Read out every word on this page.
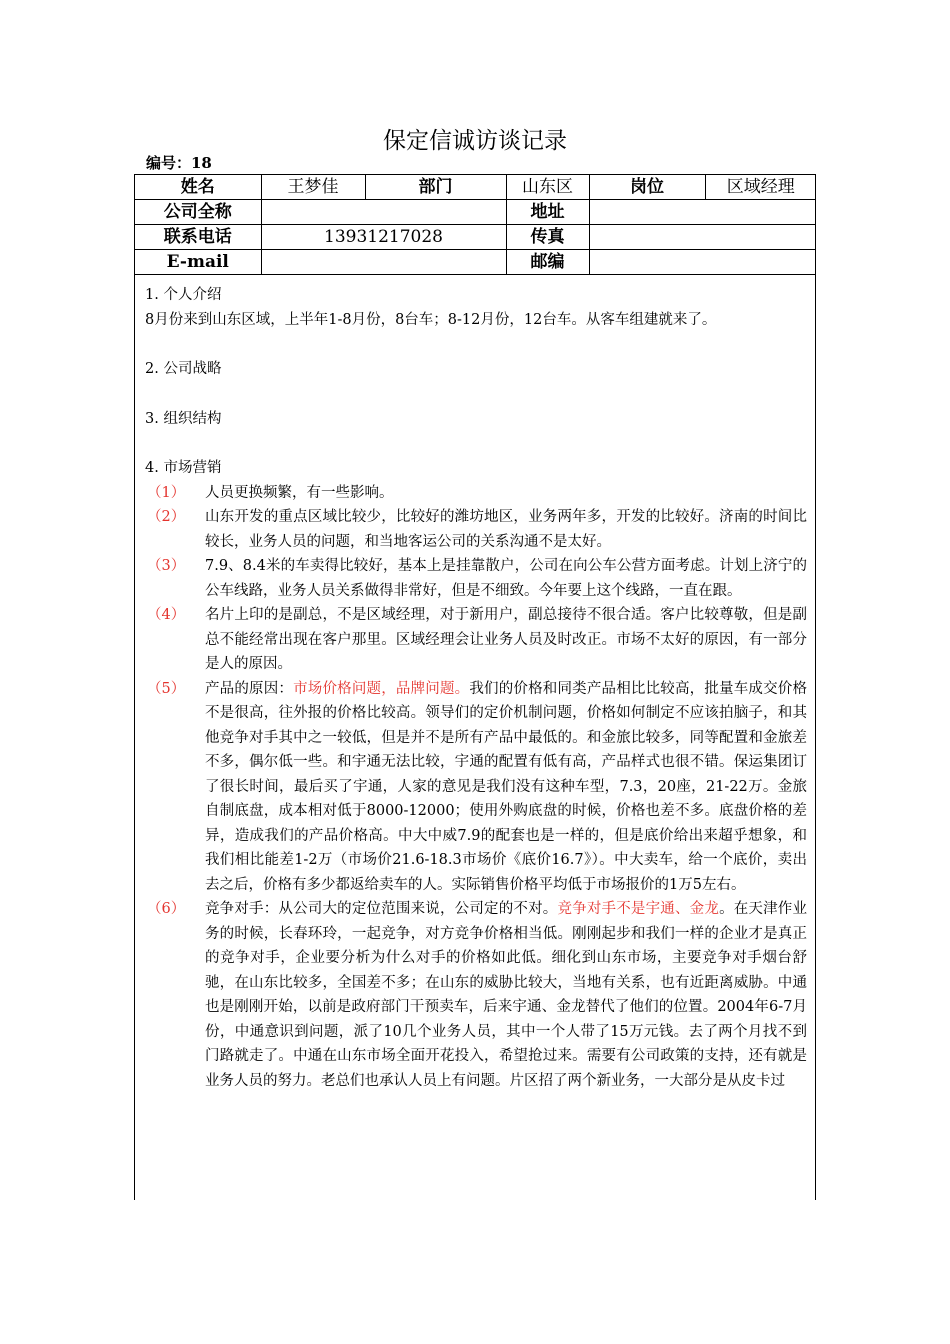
保定信诚访谈记录
编号：18
姓名	王梦佳	部门	山东区	岗位	区域经理
公司全称			地址		
联系电话	13931217028		传真		
E-mail			邮编		

1. 个人介绍

8月份来到山东区域，上半年1-8月份，8台车；8-12月份，12台车。从客车组建就来了。

2. 公司战略

3. 组织结构

4. 市场营销

（1）	人员更换频繁，有一些影响。
（2）	山东开发的重点区域比较少，比较好的潍坊地区，业务两年多，开发的比较好。济南的时间比较长，业务人员的问题，和当地客运公司的关系沟通不是太好。
（3）	7.9、8.4米的车卖得比较好，基本上是挂靠散户，公司在向公车公营方面考虑。计划上济宁的公车线路，业务人员关系做得非常好，但是不细致。今年要上这个线路，一直在跟。
（4）	名片上印的是副总，不是区域经理，对于新用户，副总接待不很合适。客户比较尊敬，但是副总不能经常出现在客户那里。区域经理会让业务人员及时改正。市场不太好的原因，有一部分是人的原因。
（5）	产品的原因：市场价格问题，品牌问题。我们的价格和同类产品相比比较高，批量车成交价格不是很高，往外报的价格比较高。领导们的定价机制问题，价格如何制定不应该拍脑子，和其他竞争对手其中之一较低，但是并不是所有产品中最低的。和金旅比较多，同等配置和金旅差不多，偶尔低一些。和宇通无法比较，宇通的配置有低有高，产品样式也很不错。保运集团订了很长时间，最后买了宇通，人家的意见是我们没有这种车型，7.3，20座，21-22万。金旅自制底盘，成本相对低于8000-12000；使用外购底盘的时候，价格也差不多。底盘价格的差异，造成我们的产品价格高。中大中威7.9的配套也是一样的，但是底价给出来超乎想象，和我们相比能差1-2万（市场价21.6-18.3市场价《底价16.7》）。中大卖车，给一个底价，卖出去之后，价格有多少都返给卖车的人。实际销售价格平均低于市场报价的1万5左右。
（6）	竞争对手：从公司大的定位范围来说，公司定的不对。竞争对手不是宇通、金龙。在天津作业务的时候，长春环玲，一起竞争，对方竞争价格相当低。刚刚起步和我们一样的企业才是真正的竞争对手，企业要分析为什么对手的价格如此低。细化到山东市场，主要竞争对手烟台舒驰，在山东比较多，全国差不多；在山东的威胁比较大，当地有关系，也有近距离威胁。中通也是刚刚开始，以前是政府部门干预卖车，后来宇通、金龙替代了他们的位置。2004年6-7月份，中通意识到问题，派了10几个业务人员，其中一个人带了15万元钱。去了两个月找不到门路就走了。中通在山东市场全面开花投入，希望抢过来。需要有公司政策的支持，还有就是业务人员的努力。老总们也承认人员上有问题。片区招了两个新业务，一大部分是从皮卡过
